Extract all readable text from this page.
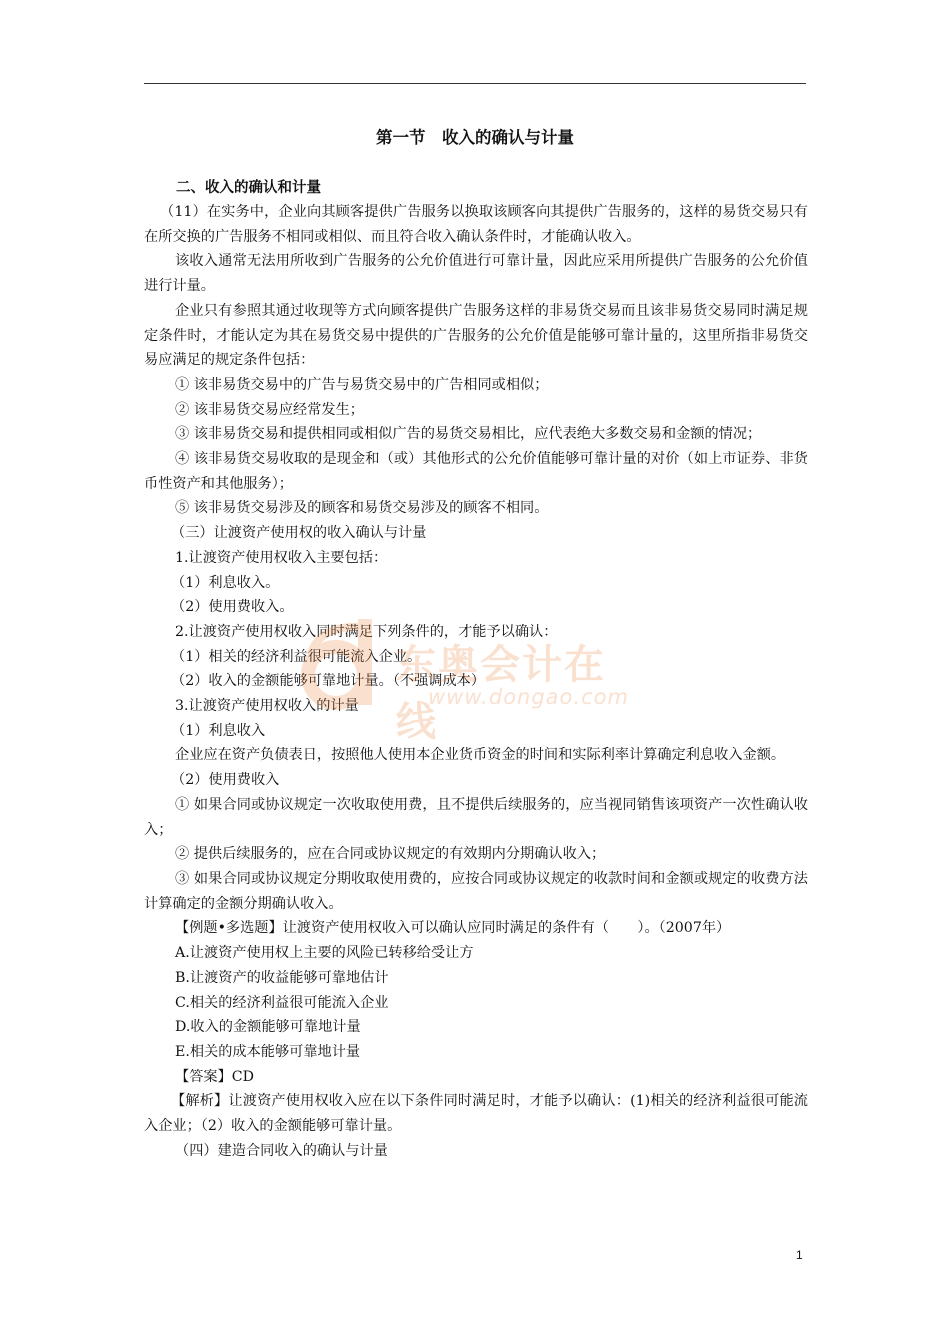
第一节　收入的确认与计量
二、收入的确认和计量

（11）在实务中，企业向其顾客提供广告服务以换取该顾客向其提供广告服务的，这样的易货交易只有在所交换的广告服务不相同或相似、而且符合收入确认条件时，才能确认收入。

该收入通常无法用所收到广告服务的公允价值进行可靠计量，因此应采用所提供广告服务的公允价值进行计量。

企业只有参照其通过收现等方式向顾客提供广告服务这样的非易货交易而且该非易货交易同时满足规定条件时，才能认定为其在易货交易中提供的广告服务的公允价值是能够可靠计量的，这里所指非易货交易应满足的规定条件包括：

① 该非易货交易中的广告与易货交易中的广告相同或相似；

② 该非易货交易应经常发生；

③ 该非易货交易和提供相同或相似广告的易货交易相比，应代表绝大多数交易和金额的情况；

④ 该非易货交易收取的是现金和（或）其他形式的公允价值能够可靠计量的对价（如上市证券、非货币性资产和其他服务）；

⑤ 该非易货交易涉及的顾客和易货交易涉及的顾客不相同。

（三）让渡资产使用权的收入确认与计量

1.让渡资产使用权收入主要包括：

（1）利息收入。

（2）使用费收入。

2.让渡资产使用权收入同时满足下列条件的，才能予以确认：

（1）相关的经济利益很可能流入企业。

（2）收入的金额能够可靠地计量。（不强调成本）

3.让渡资产使用权收入的计量

（1）利息收入

企业应在资产负债表日，按照他人使用本企业货币资金的时间和实际利率计算确定利息收入金额。

（2）使用费收入

① 如果合同或协议规定一次收取使用费，且不提供后续服务的，应当视同销售该项资产一次性确认收入；

② 提供后续服务的，应在合同或协议规定的有效期内分期确认收入；

③ 如果合同或协议规定分期收取使用费的，应按合同或协议规定的收款时间和金额或规定的收费方法计算确定的金额分期确认收入。

【例题•多选题】让渡资产使用权收入可以确认应同时满足的条件有（　　）。（2007年）

A.让渡资产使用权上主要的风险已转移给受让方

B.让渡资产的收益能够可靠地估计

C.相关的经济利益很可能流入企业

D.收入的金额能够可靠地计量

E.相关的成本能够可靠地计量

【答案】CD

【解析】让渡资产使用权收入应在以下条件同时满足时，才能予以确认：(1)相关的经济利益很可能流入企业；（2）收入的金额能够可靠计量。

（四）建造合同收入的确认与计量

东奥会计在线
www.dongao.com
1
